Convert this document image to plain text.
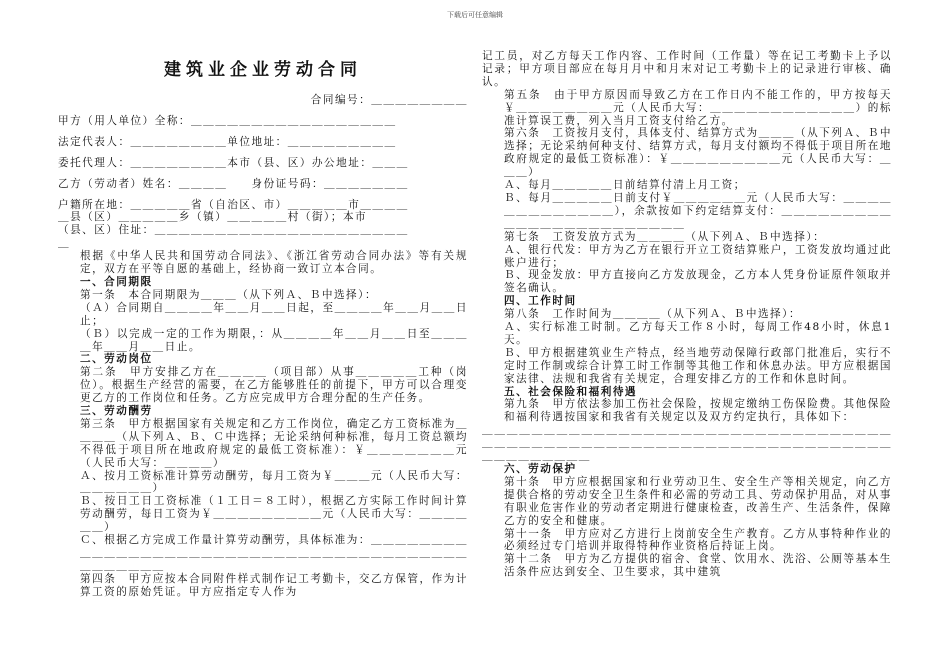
下载后可任意编辑
建筑业企业劳动合同

合同编号：＿＿＿＿＿＿＿＿

甲方（用人单位）全称：＿＿＿＿＿＿＿＿＿＿＿＿＿＿＿＿＿

法定代表人：＿＿＿＿＿＿＿＿单位地址：＿＿＿＿＿＿＿＿＿

委托代理人：＿＿＿＿＿＿＿＿本市（县、区）办公地址：＿＿＿

乙方（劳动者）姓名：＿＿＿＿　　身份证号码：＿＿＿＿＿＿＿

户籍所在地：＿＿＿＿＿省（自治区、市）＿＿＿＿＿市＿＿＿＿

＿县（区）＿＿＿＿＿乡（镇）＿＿＿＿＿村（街）；本市

（县、区）住址：＿＿＿＿＿＿＿＿＿＿＿＿＿＿＿＿＿＿＿＿＿

＿

根据《中华人民共和国劳动合同法》、《浙江省劳动合同办法》等有关规定，双方在平等自愿的基础上，经协商一致订立本合同。

一、合同期限

第一条　本合同期限为＿＿＿（从下列Ａ、Ｂ中选择）：

（Ａ）合同期自＿＿＿＿年＿＿月＿＿日起，至＿＿＿＿年＿＿月＿＿日止；

（Ｂ）以完成一定的工作为期限，：从＿＿＿＿年＿＿月＿＿日至＿＿＿＿年＿＿月＿＿日止。

二、劳动岗位

第二条　甲方安排乙方在＿＿＿＿（项目部）从事＿＿＿＿＿工种（岗位）。根据生产经营的需要，在乙方能够胜任的前提下，甲方可以合理变更乙方的工作岗位和任务。乙方应完成甲方合理分配的生产任务。

三、劳动酬劳

第三条　甲方根据国家有关规定和乙方工作岗位，确定乙方工资标准为＿＿＿＿（从下列Ａ、Ｂ、Ｃ中选择；无论采纳何种标准，每月工资总额均不得低于项目所在地政府规定的最低工资标准）：￥＿＿＿＿＿＿＿元（人民币大写：＿＿＿＿）

Ａ、按月工资标准计算劳动酬劳，每月工资为￥＿＿＿元（人民币大写：＿＿＿＿＿＿）

Ｂ、按日工日工资标准（１工日＝８工时），根据乙方实际工作时间计算劳动酬劳，每日工资为￥＿＿＿＿＿＿＿＿＿元（人民币大写：＿＿＿＿＿＿）

Ｃ、根据乙方完成工作量计算劳动酬劳，具体标准为：＿＿＿＿＿＿＿＿＿＿＿＿＿＿＿＿＿＿＿＿＿＿＿＿＿＿＿＿＿＿＿＿＿＿＿＿＿＿＿＿＿＿＿＿＿＿＿

第四条　甲方应按本合同附件样式制作记工考勤卡，交乙方保管，作为计算工资的原始凭证。甲方应指定专人作为

记工员，对乙方每天工作内容、工作时间（工作量）等在记工考勤卡上予以记录；甲方项目部应在每月月中和月末对记工考勤卡上的记录进行审核、确认。

第五条　由于甲方原因而导致乙方在工作日内不能工作的，甲方按每天￥＿＿＿＿＿＿＿＿元（人民币大写：＿＿＿＿＿＿＿＿＿＿＿＿）的标准计算误工费，列入当月工资支付给乙方。

第六条　工资按月支付，具体支付、结算方式为＿＿＿（从下列Ａ、Ｂ中选择；无论采纳何种支付、结算方式，每月支付额均不得低于项目所在地政府规定的最低工资标准）：￥＿＿＿＿＿＿＿＿＿元（人民币大写：＿＿＿）

Ａ、每月＿＿＿＿＿日前结算付清上月工资；

Ｂ、每月＿＿＿＿＿日前支付￥＿＿＿＿＿＿元（人民币大写：＿＿＿＿＿＿＿＿＿＿＿＿＿），余款按如下约定结算支付：＿＿＿＿＿＿＿＿＿＿＿＿＿＿＿＿＿＿＿＿＿＿＿＿

第七条　工资发放方式为＿＿＿＿（从下列Ａ、Ｂ中选择）：

Ａ、银行代发：甲方为乙方在银行开立工资结算账户，工资发放均通过此账户进行；

Ｂ、现金发放：甲方直接向乙方发放现金，乙方本人凭身份证原件领取并签名确认。

四、工作时间

第八条　工作时间为＿＿＿＿（从下列Ａ、Ｂ中选择）：

Ａ、实行标准工时制。乙方每天工作８小时，每周工作48小时，休息1天。

Ｂ、甲方根据建筑业生产特点，经当地劳动保障行政部门批准后，实行不定时工作制或综合计算工时工作制等其他工作和休息办法。甲方应根据国家法律、法规和我省有关规定，合理安排乙方的工作和休息时间。

五、社会保险和福利待遇

第九条　甲方依法参加工伤社会保险，按规定缴纳工伤保险费。其他保险和福利待遇按国家和我省有关规定以及双方约定执行，具体如下：

＿＿＿＿＿＿＿＿＿＿＿＿＿＿＿＿＿＿＿＿＿＿＿＿＿＿＿＿＿＿＿＿＿＿＿＿＿＿＿＿＿＿＿＿＿＿＿＿＿＿＿＿＿＿＿＿＿＿＿＿＿＿＿＿＿＿＿＿＿＿＿＿＿＿＿

六、劳动保护

第十条　甲方应根据国家和行业劳动卫生、安全生产等相关规定，向乙方提供合格的劳动安全卫生条件和必需的劳动工具、劳动保护用品，对从事有职业危害作业的劳动者定期进行健康检查，改善生产、生活条件，保障乙方的安全和健康。

第十一条　甲方应对乙方进行上岗前安全生产教育。乙方从事特种作业的必须经过专门培训并取得特种作业资格后持证上岗。

第十二条　甲方为乙方提供的宿舍、食堂、饮用水、洗浴、公厕等基本生活条件应达到安全、卫生要求，其中建筑
